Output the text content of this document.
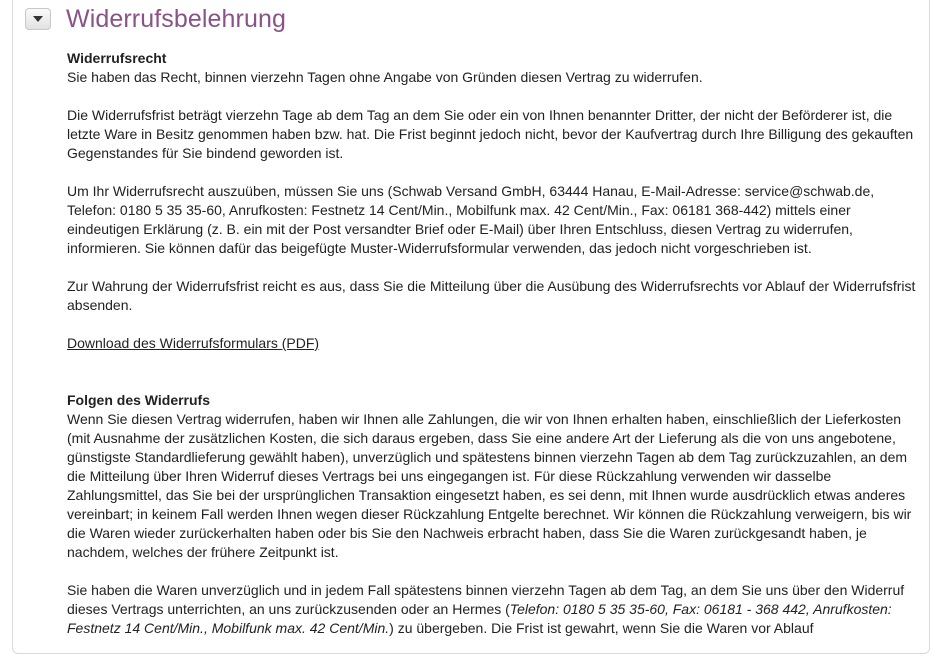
Widerrufsbelehrung
Widerrufsrecht

Sie haben das Recht, binnen vierzehn Tagen ohne Angabe von Gründen diesen Vertrag zu widerrufen.

Die Widerrufsfrist beträgt vierzehn Tage ab dem Tag an dem Sie oder ein von Ihnen benannter Dritter, der nicht der Beförderer ist, die letzte Ware in Besitz genommen haben bzw. hat. Die Frist beginnt jedoch nicht, bevor der Kaufvertrag durch Ihre Billigung des gekauften Gegenstandes für Sie bindend geworden ist.

Um Ihr Widerrufsrecht auszuüben, müssen Sie uns (Schwab Versand GmbH, 63444 Hanau, E-Mail-Adresse: service@schwab.de, Telefon: 0180 5 35 35-60, Anrufkosten: Festnetz 14 Cent/Min., Mobilfunk max. 42 Cent/Min., Fax: 06181 368-442) mittels einer eindeutigen Erklärung (z. B. ein mit der Post versandter Brief oder E-Mail) über Ihren Entschluss, diesen Vertrag zu widerrufen, informieren. Sie können dafür das beigefügte Muster-Widerrufsformular verwenden, das jedoch nicht vorgeschrieben ist.

Zur Wahrung der Widerrufsfrist reicht es aus, dass Sie die Mitteilung über die Ausübung des Widerrufsrechts vor Ablauf der Widerrufsfrist absenden.

Download des Widerrufsformulars (PDF)

Folgen des Widerrufs

Wenn Sie diesen Vertrag widerrufen, haben wir Ihnen alle Zahlungen, die wir von Ihnen erhalten haben, einschließlich der Lieferkosten (mit Ausnahme der zusätzlichen Kosten, die sich daraus ergeben, dass Sie eine andere Art der Lieferung als die von uns angebotene, günstigste Standardlieferung gewählt haben), unverzüglich und spätestens binnen vierzehn Tagen ab dem Tag zurückzuzahlen, an dem die Mitteilung über Ihren Widerruf dieses Vertrags bei uns eingegangen ist. Für diese Rückzahlung verwenden wir dasselbe Zahlungsmittel, das Sie bei der ursprünglichen Transaktion eingesetzt haben, es sei denn, mit Ihnen wurde ausdrücklich etwas anderes vereinbart; in keinem Fall werden Ihnen wegen dieser Rückzahlung Entgelte berechnet. Wir können die Rückzahlung verweigern, bis wir die Waren wieder zurückerhalten haben oder bis Sie den Nachweis erbracht haben, dass Sie die Waren zurückgesandt haben, je nachdem, welches der frühere Zeitpunkt ist.

Sie haben die Waren unverzüglich und in jedem Fall spätestens binnen vierzehn Tagen ab dem Tag, an dem Sie uns über den Widerruf dieses Vertrags unterrichten, an uns zurückzusenden oder an Hermes (Telefon: 0180 5 35 35-60, Fax: 06181 - 368 442, Anrufkosten: Festnetz 14 Cent/Min., Mobilfunk max. 42 Cent/Min.) zu übergeben. Die Frist ist gewahrt, wenn Sie die Waren vor Ablauf
